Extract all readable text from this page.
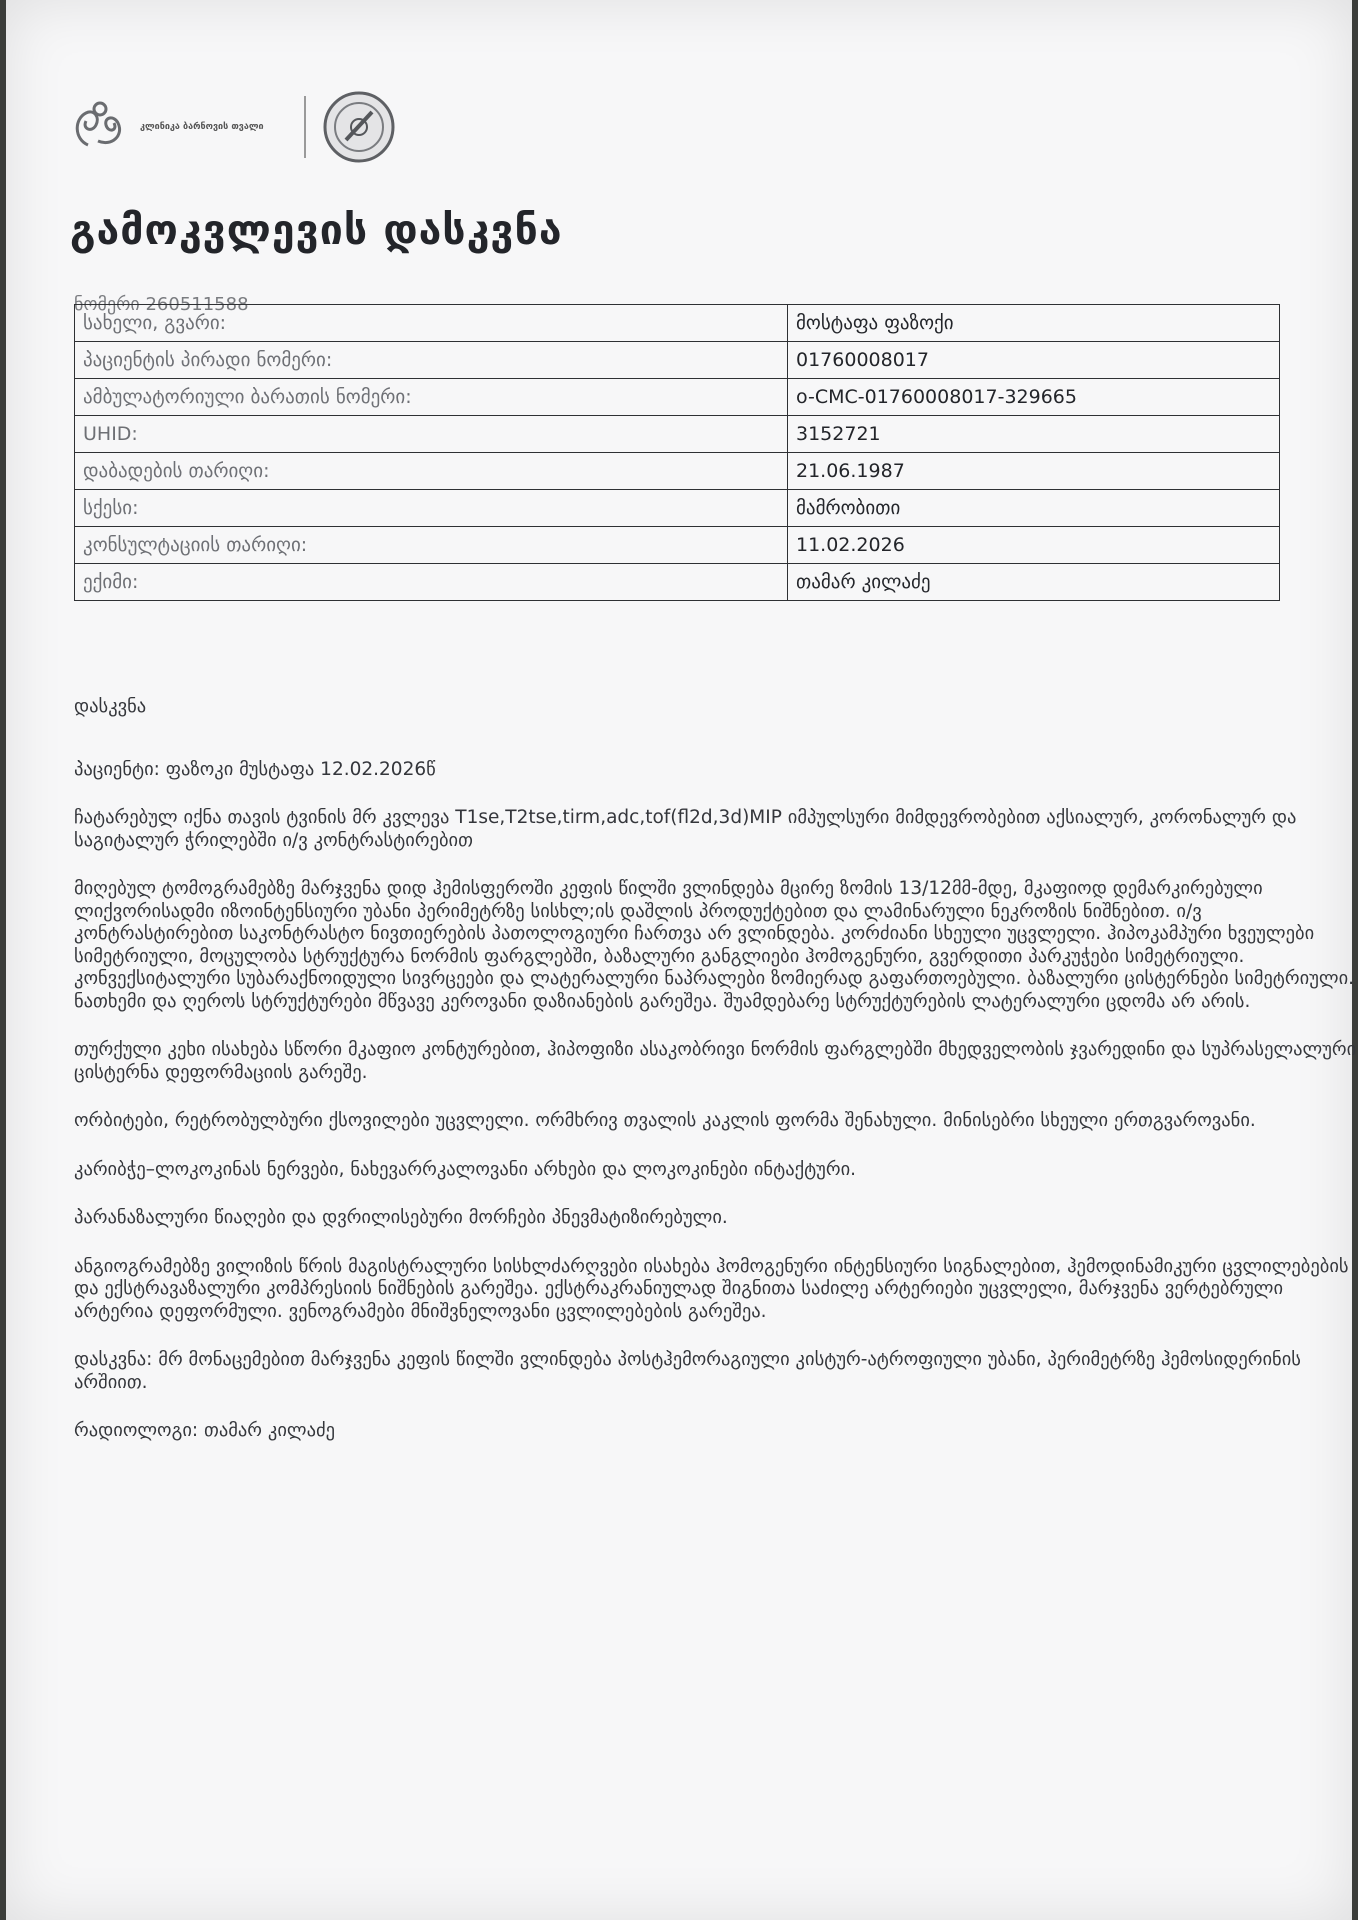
კლინიკა ბარნოვის თვალი
გამოკვლევის დასკვნა
ნომერი 260511588
სახელი, გვარი:	მოსტაფა ფაზოქი
პაციენტის პირადი ნომერი:	01760008017
ამბულატორიული ბარათის ნომერი:	o-CMC-01760008017-329665
UHID:	3152721
დაბადების თარიღი:	21.06.1987
სქესი:	მამრობითი
კონსულტაციის თარიღი:	11.02.2026
ექიმი:	თამარ კილაძე

დასკვნა

პაციენტი: ფაზოკი მუსტაფა 12.02.2026წ

ჩატარებულ იქნა თავის ტვინის მრ კვლევა T1se,T2tse,tirm,adc,tof(fl2d,3d)MIP იმპულსური მიმდევრობებით აქსიალურ, კორონალურ და საგიტალურ ჭრილებში ი/ვ კონტრასტირებით

მიღებულ ტომოგრამებზე მარჯვენა დიდ ჰემისფეროში კეფის წილში ვლინდება მცირე ზომის 13/12მმ-მდე, მკაფიოდ დემარკირებული ლიქვორისადმი იზოინტენსიური უბანი პერიმეტრზე სისხლ;ის დაშლის პროდუქტებით და ლამინარული ნეკროზის ნიშნებით. ი/ვ კონტრასტირებით საკონტრასტო ნივთიერების პათოლოგიური ჩართვა არ ვლინდება. კორძიანი სხეული უცვლელი. ჰიპოკამპური ხვეულები სიმეტრიული, მოცულობა სტრუქტურა ნორმის ფარგლებში, ბაზალური განგლიები ჰომოგენური, გვერდითი პარკუჭები სიმეტრიული. კონვექსიტალური სუბარაქნოიდული სივრცეები და ლატერალური ნაპრალები ზომიერად გაფართოებული. ბაზალური ცისტერნები სიმეტრიული. ნათხემი და ღეროს სტრუქტურები მწვავე კეროვანი დაზიანების გარეშეა. შუამდებარე სტრუქტურების ლატერალური ცდომა არ არის.

თურქული კეხი ისახება სწორი მკაფიო კონტურებით, ჰიპოფიზი ასაკობრივი ნორმის ფარგლებში მხედველობის ჯვარედინი და სუპრასელალური ცისტერნა დეფორმაციის გარეშე.

ორბიტები, რეტრობულბური ქსოვილები უცვლელი. ორმხრივ თვალის კაკლის ფორმა შენახული. მინისებრი სხეული ერთგვაროვანი.

კარიბჭე–ლოკოკინას ნერვები, ნახევარრკალოვანი არხები და ლოკოკინები ინტაქტური.

პარანაზალური წიაღები და დვრილისებური მორჩები პნევმატიზირებული.

ანგიოგრამებზე ვილიზის წრის მაგისტრალური სისხლძარღვები ისახება ჰომოგენური ინტენსიური სიგნალებით, ჰემოდინამიკური ცვლილებების და ექსტრავაზალური კომპრესიის ნიშნების გარეშეა. ექსტრაკრანიულად შიგნითა საძილე არტერიები უცვლელი, მარჯვენა ვერტებრული არტერია დეფორმული. ვენოგრამები მნიშვნელოვანი ცვლილებების გარეშეა.

დასკვნა: მრ მონაცემებით მარჯვენა კეფის წილში ვლინდება პოსტჰემორაგიული კისტურ-ატროფიული უბანი, პერიმეტრზე ჰემოსიდერინის არშიით.

რადიოლოგი: თამარ კილაძე
